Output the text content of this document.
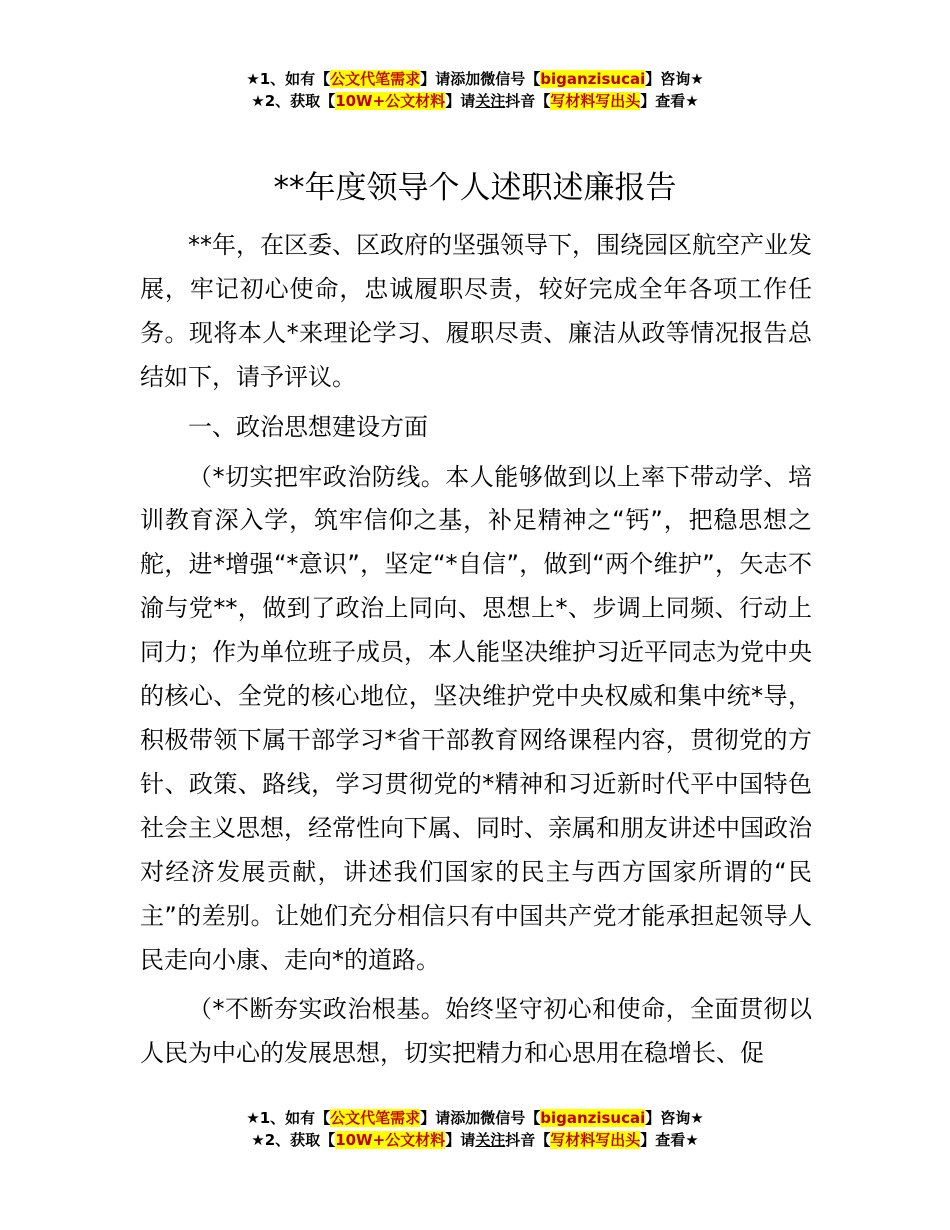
★1、如有【公文代笔需求】请添加微信号【biganzisucai】咨询★
★2、获取【10W+公文材料】请关注抖音【写材料写出头】查看★
**年度领导个人述职述廉报告

**年，在区委、区政府的坚强领导下，围绕园区航空产业发展，牢记初心使命，忠诚履职尽责，较好完成全年各项工作任务。现将本人*来理论学习、履职尽责、廉洁从政等情况报告总结如下，请予评议。

一、政治思想建设方面

（*切实把牢政治防线。本人能够做到以上率下带动学、培训教育深入学，筑牢信仰之基，补足精神之“钙”，把稳思想之舵，进*增强“*意识”，坚定“*自信”，做到“两个维护”，矢志不渝与党**，做到了政治上同向、思想上*、步调上同频、行动上同力；作为单位班子成员，本人能坚决维护习近平同志为党中央的核心、全党的核心地位，坚决维护党中央权威和集中统*导，积极带领下属干部学习*省干部教育网络课程内容，贯彻党的方针、政策、路线，学习贯彻党的*精神和习近新时代平中国特色社会主义思想，经常性向下属、同时、亲属和朋友讲述中国政治对经济发展贡献，讲述我们国家的民主与西方国家所谓的“民主”的差别。让她们充分相信只有中国共产党才能承担起领导人民走向小康、走向*的道路。

（*不断夯实政治根基。始终坚守初心和使命，全面贯彻以人民为中心的发展思想，切实把精力和心思用在稳增长、促

★1、如有【公文代笔需求】请添加微信号【biganzisucai】咨询★
★2、获取【10W+公文材料】请关注抖音【写材料写出头】查看★
